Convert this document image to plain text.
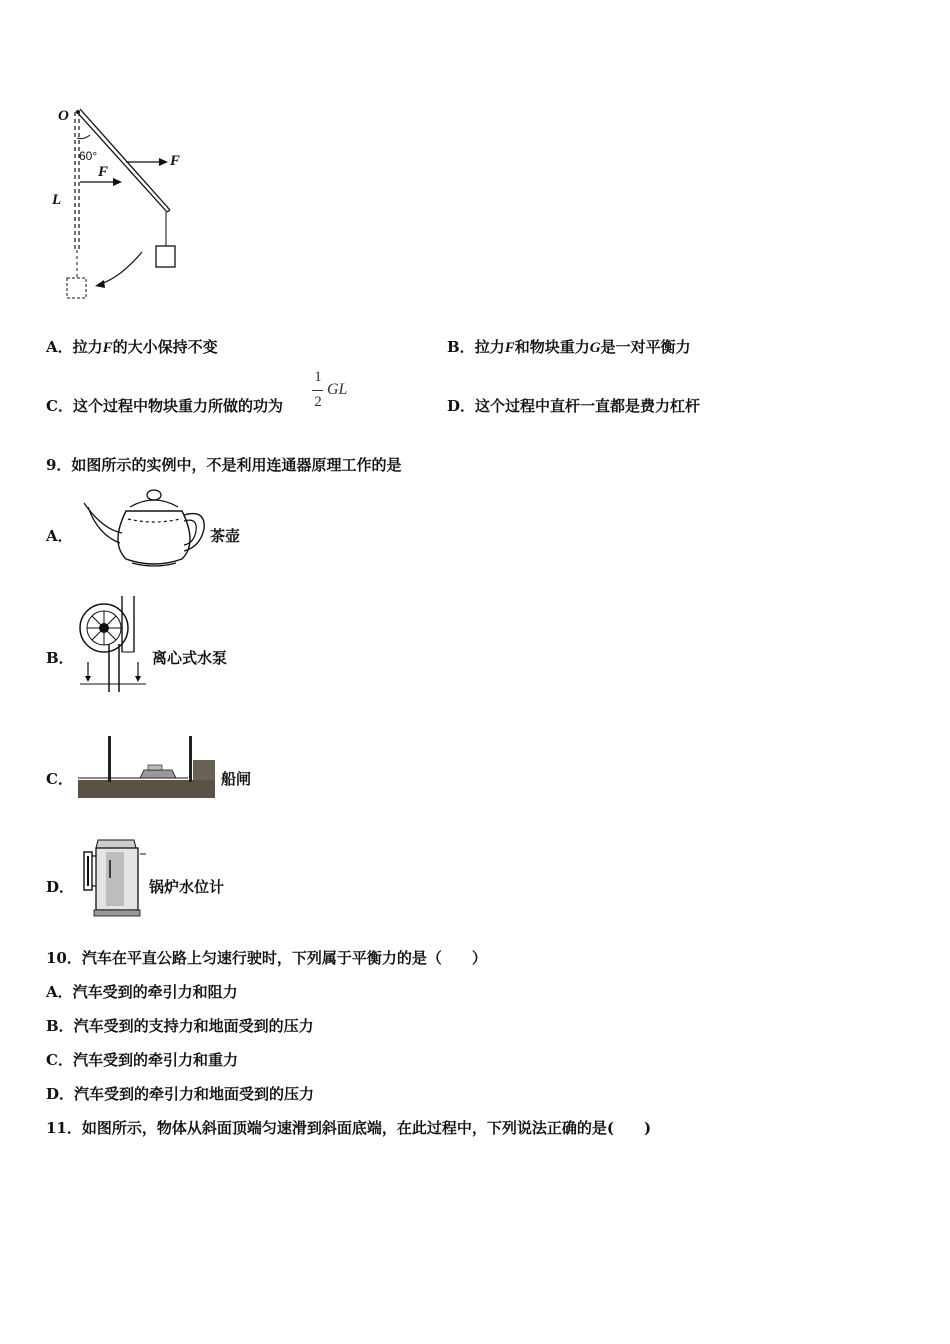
O
60°	F
F
L
A．拉力F的大小保持不变	B．拉力F和物块重力G是一对平衡力
C．这个过程中物块重力所做的功为
1
2
GL
D．这个过程中直杆一直都是费力杠杆
9．如图所示的实例中，不是利用连通器原理工作的是
A．	茶壶
B．	离心式水泵
C．	船闸
D．	锅炉水位计
10．汽车在平直公路上匀速行驶时，下列属于平衡力的是（　　）
A．汽车受到的牵引力和阻力
B．汽车受到的支持力和地面受到的压力
C．汽车受到的牵引力和重力
D．汽车受到的牵引力和地面受到的压力
11．如图所示，物体从斜面顶端匀速滑到斜面底端，在此过程中，下列说法正确的是(　　)
